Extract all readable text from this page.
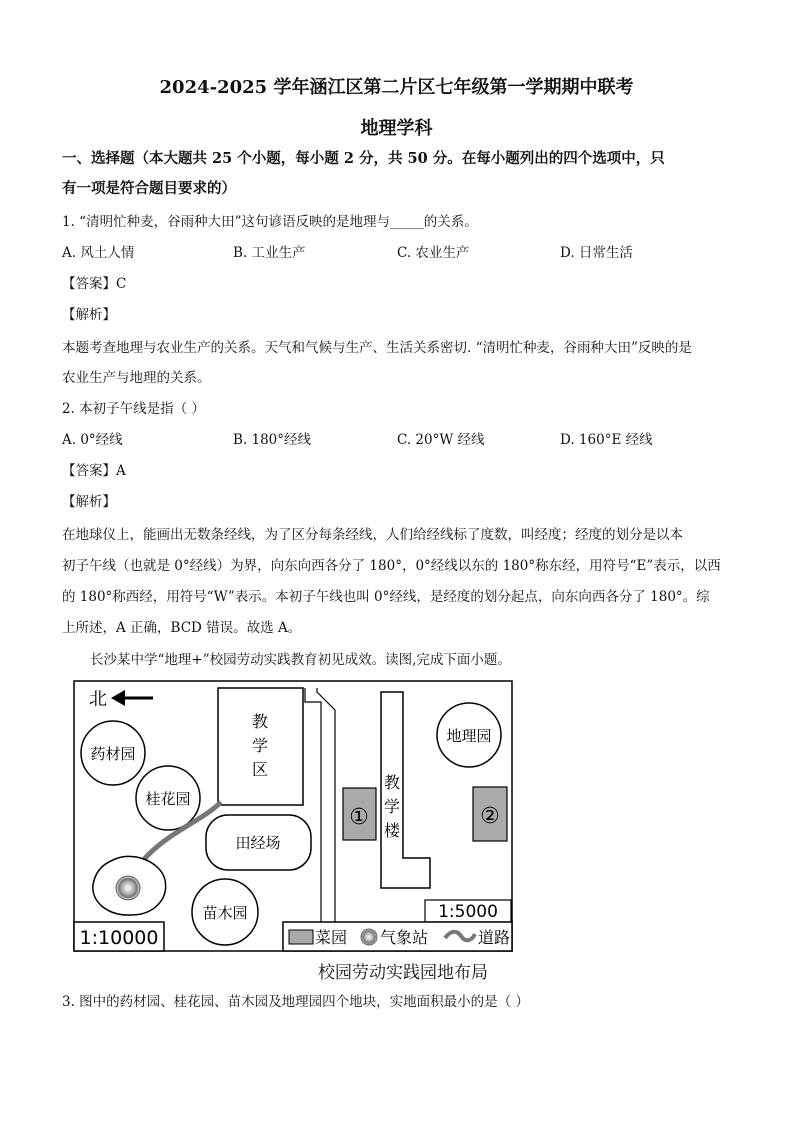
2024-2025 学年涵江区第二片区七年级第一学期期中联考
地理学科
一、选择题（本大题共 25 个小题，每小题 2 分，共 50 分。在每小题列出的四个选项中，只
有一项是符合题目要求的）
1. “清明忙种麦，谷雨种大田”这句谚语反映的是地理与_____的关系。
A. 风土人情	B. 工业生产	C. 农业生产	D. 日常生活
【答案】C
【解析】
本题考查地理与农业生产的关系。天气和气候与生产、生活关系密切. “清明忙种麦，谷雨种大田”反映的是
农业生产与地理的关系。
2. 本初子午线是指（ ）
A. 0°经线	B. 180°经线	C. 20°W 经线	D. 160°E 经线
【答案】A
【解析】
在地球仪上，能画出无数条经线，为了区分每条经线，人们给经线标了度数，叫经度；经度的划分是以本
初子午线（也就是 0°经线）为界，向东向西各分了 180°，0°经线以东的 180°称东经，用符号“E”表示，以西
的 180°称西经，用符号“W”表示。本初子午线也叫 0°经线，是经度的划分起点，向东向西各分了 180°。综
上所述，A 正确，BCD 错误。故选 A。
长沙某中学“地理+”校园劳动实践教育初见成效。读图,完成下面小题。
北
药材园
桂花园
苗木园
教
学
区
田经场
①
教
学
楼
地理园
②
1:5000
1:10000	菜园 气象站	道路
校园劳动实践园地布局
3. 图中的药材园、桂花园、苗木园及地理园四个地块，实地面积最小的是（ ）
